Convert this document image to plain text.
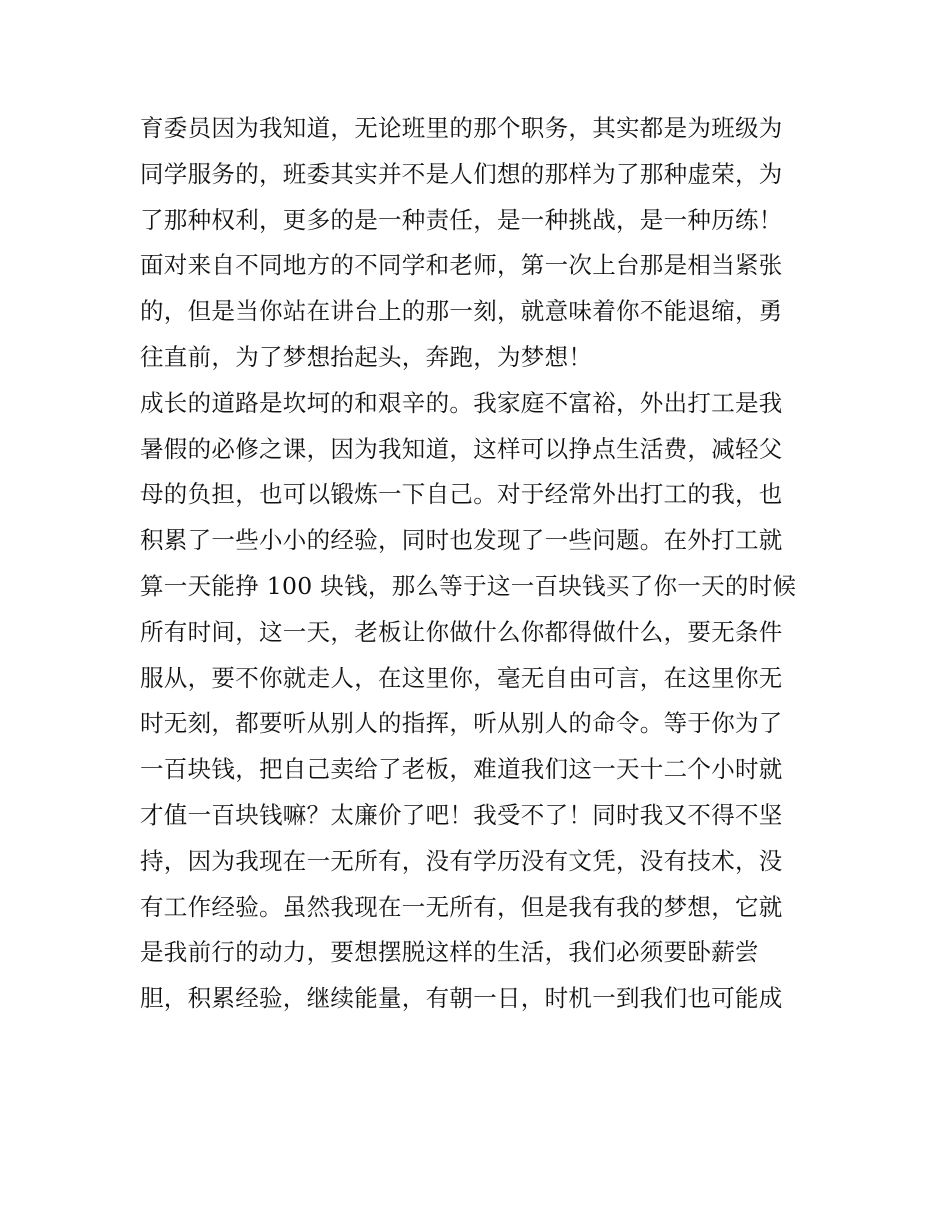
育委员因为我知道，无论班里的那个职务，其实都是为班级为
同学服务的，班委其实并不是人们想的那样为了那种虚荣，为
了那种权利，更多的是一种责任，是一种挑战，是一种历练！
面对来自不同地方的不同学和老师，第一次上台那是相当紧张
的，但是当你站在讲台上的那一刻，就意味着你不能退缩，勇
往直前，为了梦想抬起头，奔跑，为梦想！
成长的道路是坎坷的和艰辛的。我家庭不富裕，外出打工是我
暑假的必修之课，因为我知道，这样可以挣点生活费，减轻父
母的负担，也可以锻炼一下自己。对于经常外出打工的我，也
积累了一些小小的经验，同时也发现了一些问题。在外打工就
算一天能挣 100 块钱，那么等于这一百块钱买了你一天的时候
所有时间，这一天，老板让你做什么你都得做什么，要无条件
服从，要不你就走人，在这里你，毫无自由可言，在这里你无
时无刻，都要听从别人的指挥，听从别人的命令。等于你为了
一百块钱，把自己卖给了老板，难道我们这一天十二个小时就
才值一百块钱嘛？太廉价了吧！我受不了！同时我又不得不坚
持，因为我现在一无所有，没有学历没有文凭，没有技术，没
有工作经验。虽然我现在一无所有，但是我有我的梦想，它就
是我前行的动力，要想摆脱这样的生活，我们必须要卧薪尝
胆，积累经验，继续能量，有朝一日，时机一到我们也可能成
